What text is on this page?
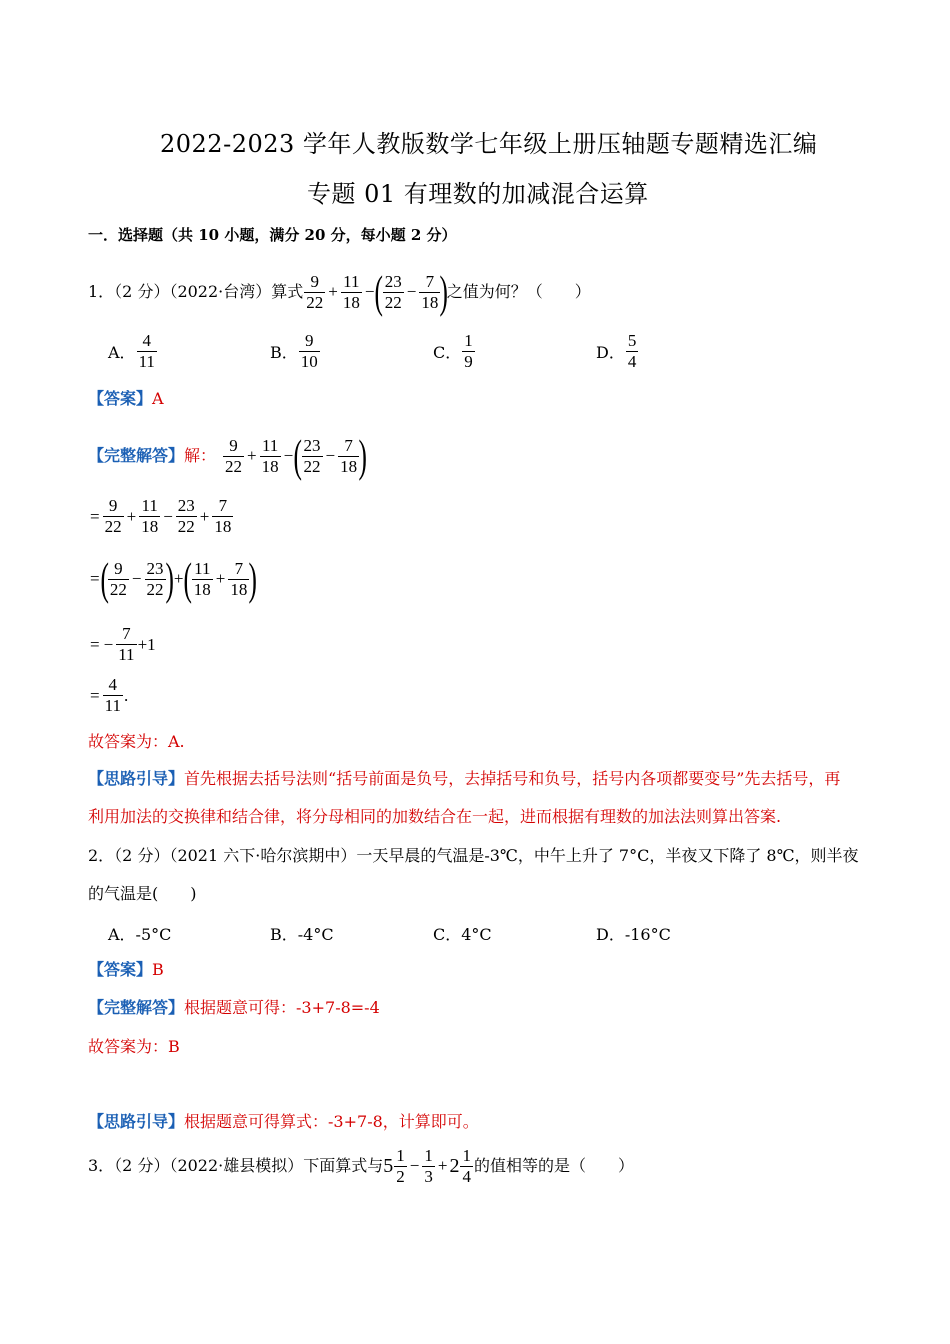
2022-2023 学年人教版数学七年级上册压轴题专题精选汇编
专题 01 有理数的加减混合运算
一．选择题（共 10 小题，满分 20 分，每小题 2 分）
1．（2 分）（2022·台湾）算式 $\frac{9}{22} + \frac{11}{18}$ − ( $\frac{23}{22} - \frac{7}{18}$ )
之值为何？（　　）
A． $\frac{4}{11}$	B． $\frac{9}{10}$	C． $\frac{1}{9}$	D． $\frac{5}{4}$
【答案】A
【完整解答】 解： $\frac{9}{22} + \frac{11}{18}$ − ( $\frac{23}{22} - \frac{7}{18}$ )
= $\frac{9}{22} + \frac{11}{18} - \frac{23}{22} + \frac{7}{18}$
= ( $\frac{9}{22} - \frac{23}{22}$ ) + ( $\frac{11}{18} + \frac{7}{18}$ )
= − $\frac{7}{11} +1$
= $\frac{4}{11}$ .
故答案为：A.
【思路引导】首先根据去括号法则“括号前面是负号，去掉括号和负号，括号内各项都要变号”先去括号，再
利用加法的交换律和结合律，将分母相同的加数结合在一起，进而根据有理数的加法法则算出答案.
2．（2 分）（2021 六下·哈尔滨期中）一天早晨的气温是-3℃，中午上升了 7°C，半夜又下降了 8℃，则半夜
的气温是(　　)
A．-5°C	B．-4°C	C．4°C	D．-16°C
【答案】B
【完整解答】根据题意可得：-3+7-8=-4
故答案为：B
【思路引导】根据题意可得算式：-3+7-8，计算即可。
3．（2 分）（2022·雄县模拟）下面算式与 $5 \frac{1}{2} - \frac{1}{3} + 2 \frac{1}{4}$ 的值相等的是（　　）
